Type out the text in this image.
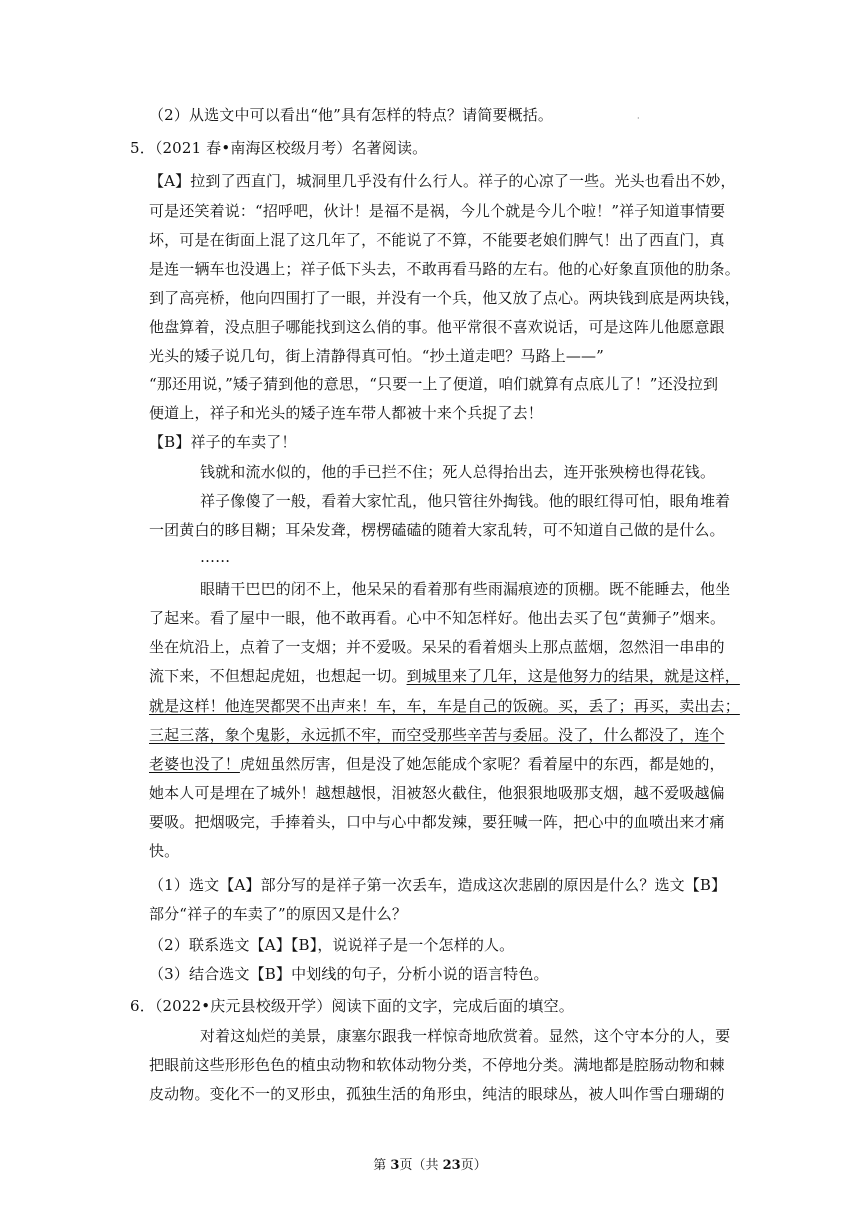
（2）从选文中可以看出“他”具有怎样的特点？请简要概括。	·
5．（2021 春•南海区校级月考）名著阅读。
【A】拉到了西直门，城洞里几乎没有什么行人。祥子的心凉了一些。光头也看出不妙，
可是还笑着说：“招呼吧，伙计！是福不是祸，今儿个就是今儿个啦！”祥子知道事情要
坏，可是在街面上混了这几年了，不能说了不算，不能要老娘们脾气！出了西直门，真
是连一辆车也没遇上；祥子低下头去，不敢再看马路的左右。他的心好象直顶他的肋条。
到了高亮桥，他向四围打了一眼，并没有一个兵，他又放了点心。两块钱到底是两块钱，
他盘算着，没点胆子哪能找到这么俏的事。他平常很不喜欢说话，可是这阵儿他愿意跟
光头的矮子说几句，街上清静得真可怕。“抄土道走吧？马路上——”
“那还用说，”矮子猜到他的意思，“只要一上了便道，咱们就算有点底儿了！”还没拉到
便道上，祥子和光头的矮子连车带人都被十来个兵捉了去！
【B】祥子的车卖了！
钱就和流水似的，他的手已拦不住；死人总得抬出去，连开张殃榜也得花钱。
祥子像傻了一般，看着大家忙乱，他只管往外掏钱。他的眼红得可怕，眼角堆着
一团黄白的眵目糊；耳朵发聋，楞楞磕磕的随着大家乱转，可不知道自己做的是什么。
……
眼睛干巴巴的闭不上，他呆呆的看着那有些雨漏痕迹的顶棚。既不能睡去，他坐
了起来。看了屋中一眼，他不敢再看。心中不知怎样好。他出去买了包“黄狮子”烟来。
坐在炕沿上，点着了一支烟；并不爱吸。呆呆的看着烟头上那点蓝烟，忽然泪一串串的
流下来，不但想起虎妞，也想起一切。到城里来了几年，这是他努力的结果，就是这样，
就是这样！他连哭都哭不出声来！车，车，车是自己的饭碗。买，丢了；再买，卖出去；
三起三落，象个鬼影，永远抓不牢，而空受那些辛苦与委屈。没了，什么都没了，连个
老婆也没了！虎妞虽然厉害，但是没了她怎能成个家呢？看着屋中的东西，都是她的，
她本人可是埋在了城外！越想越恨，泪被怒火截住，他狠狠地吸那支烟，越不爱吸越偏
要吸。把烟吸完，手捧着头，口中与心中都发辣，要狂喊一阵，把心中的血喷出来才痛
快。
（1）选文【A】部分写的是祥子第一次丢车，造成这次悲剧的原因是什么？选文【B】
部分“祥子的车卖了”的原因又是什么？
（2）联系选文【A】【B】，说说祥子是一个怎样的人。
（3）结合选文【B】中划线的句子，分析小说的语言特色。
6．（2022•庆元县校级开学）阅读下面的文字，完成后面的填空。
对着这灿烂的美景，康塞尔跟我一样惊奇地欣赏着。显然，这个守本分的人，要
把眼前这些形形色色的植虫动物和软体动物分类，不停地分类。满地都是腔肠动物和棘
皮动物。变化不一的叉形虫，孤独生活的角形虫，纯洁的眼球丛，被人叫作雪白珊瑚的
第 3页（共 23页）
